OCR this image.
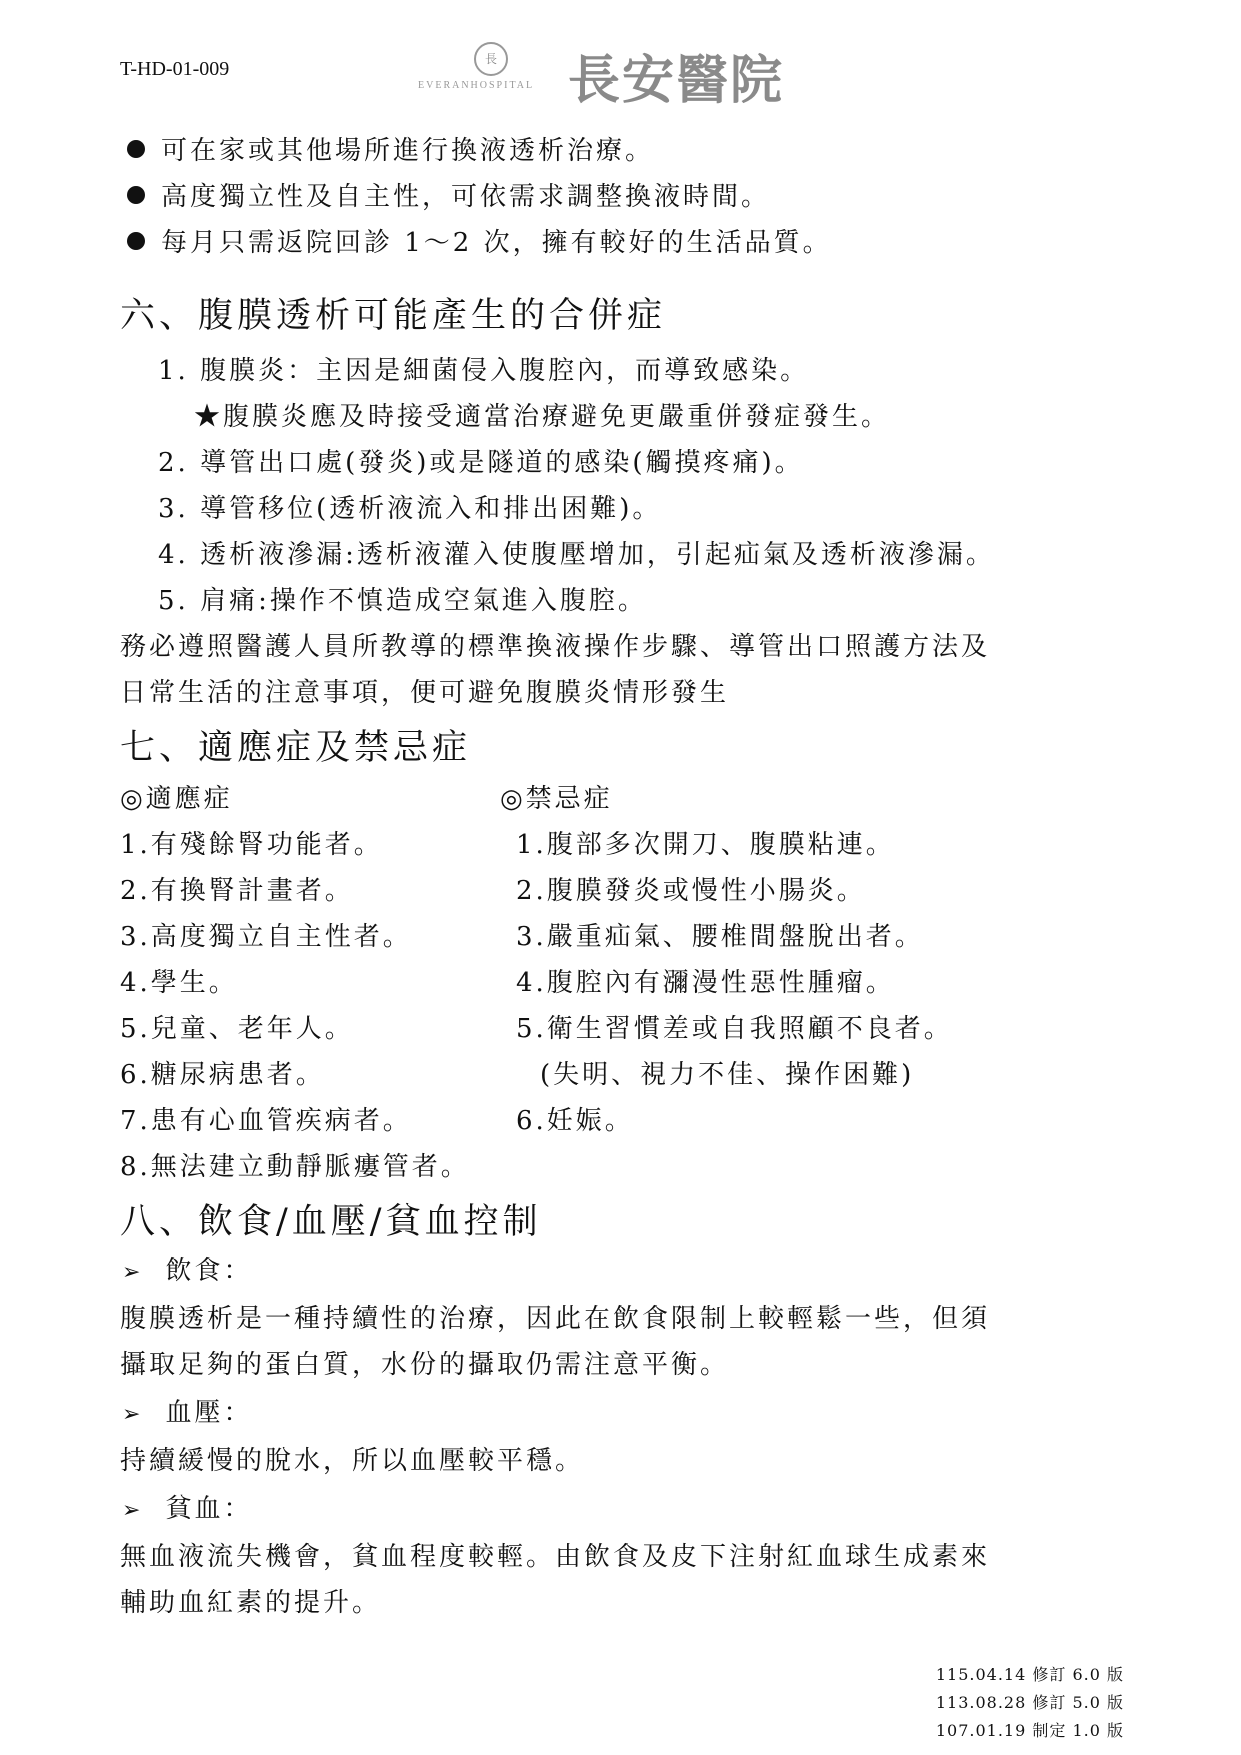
T-HD-01-009	長
EVERANHOSPITAL 長安醫院
可在家或其他場所進行換液透析治療。
高度獨立性及自主性，可依需求調整換液時間。
每月只需返院回診 1～2 次，擁有較好的生活品質。
六、腹膜透析可能產生的合併症
1. 腹膜炎：主因是細菌侵入腹腔內，而導致感染。
★腹膜炎應及時接受適當治療避免更嚴重併發症發生。
2. 導管出口處(發炎)或是隧道的感染(觸摸疼痛)。
3. 導管移位(透析液流入和排出困難)。
4. 透析液滲漏:透析液灌入使腹壓增加，引起疝氣及透析液滲漏。
5. 肩痛:操作不慎造成空氣進入腹腔。
務必遵照醫護人員所教導的標準換液操作步驟、導管出口照護方法及
日常生活的注意事項，便可避免腹膜炎情形發生
七、適應症及禁忌症
◎適應症	◎禁忌症
1.有殘餘腎功能者。
2.有換腎計畫者。
3.高度獨立自主性者。
4.學生。
5.兒童、老年人。
6.糖尿病患者。
7.患有心血管疾病者。
8.無法建立動靜脈瘻管者。
1.腹部多次開刀、腹膜粘連。
2.腹膜發炎或慢性小腸炎。
3.嚴重疝氣、腰椎間盤脫出者。
4.腹腔內有瀰漫性惡性腫瘤。
5.衛生習慣差或自我照顧不良者。
(失明、視力不佳、操作困難)
6.妊娠。
八、飲食/血壓/貧血控制
➢ 飲食：
腹膜透析是一種持續性的治療，因此在飲食限制上較輕鬆一些，但須
攝取足夠的蛋白質，水份的攝取仍需注意平衡。
➢ 血壓：
持續緩慢的脫水，所以血壓較平穩。
➢ 貧血：
無血液流失機會，貧血程度較輕。由飲食及皮下注射紅血球生成素來
輔助血紅素的提升。
115.04.14 修訂 6.0 版
113.08.28 修訂 5.0 版
107.01.19 制定 1.0 版
